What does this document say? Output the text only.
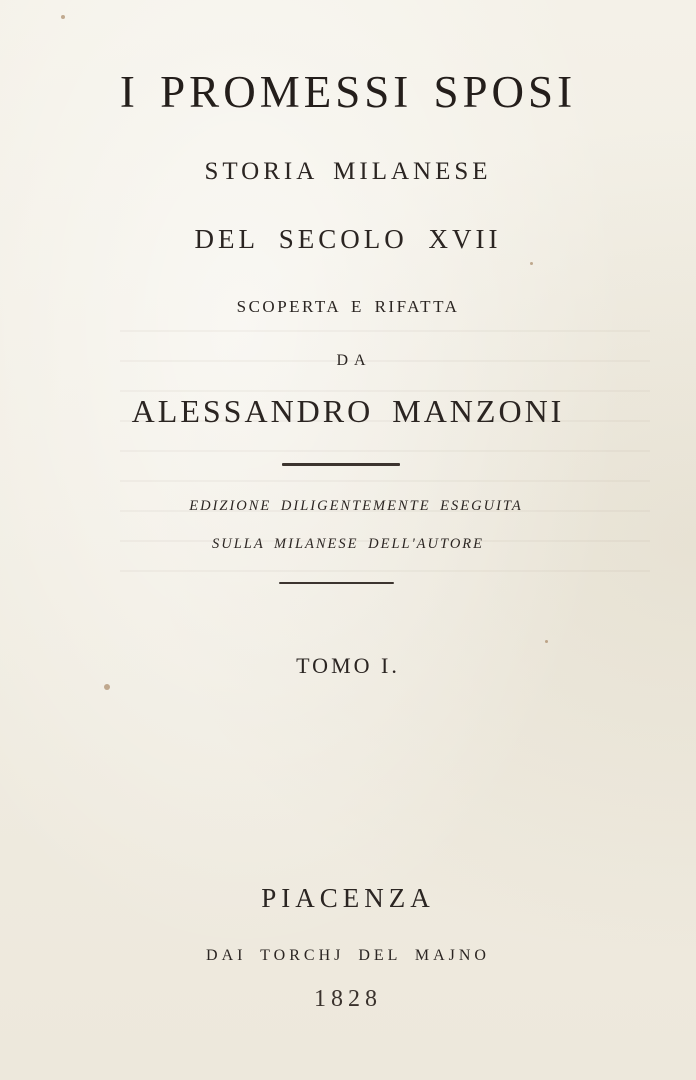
I PROMESSI SPOSI
STORIA MILANESE
DEL SECOLO XVII
SCOPERTA E RIFATTA
DA
ALESSANDRO MANZONI
EDIZIONE DILIGENTEMENTE ESEGUITA
SULLA MILANESE DELL'AUTORE
TOMO I.
PIACENZA
DAI TORCHJ DEL MAJNO
1828
